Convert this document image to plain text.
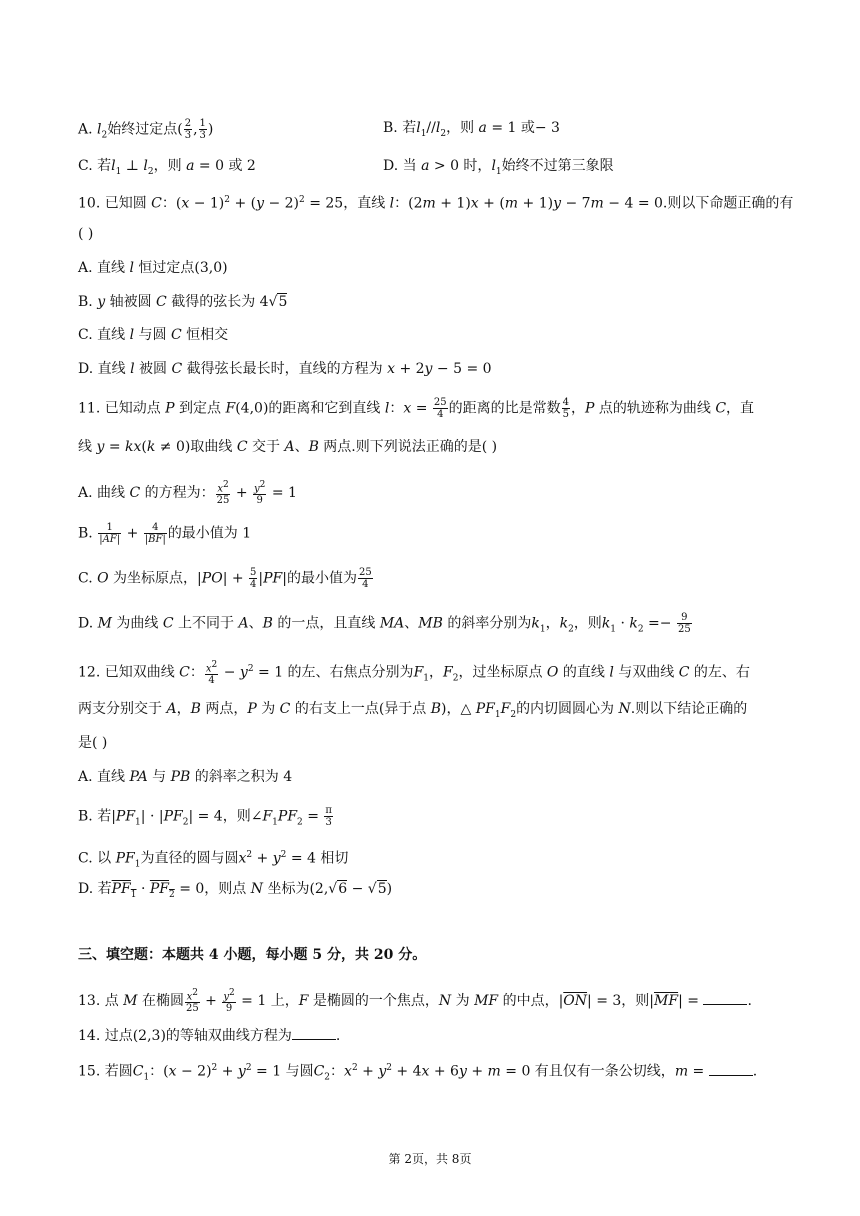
A. $l_2$始终过定点( $\frac{2}{3}$ , $\frac{1}{3}$ )	B. 若$l_1//l_2$，则 a = 1 或− 3
C. 若$l_1$ ⊥ $l_2$，则 a = 0 或 2	D. 当 a > 0 时，$l_1$始终不过第三象限
10. 已知圆 C：$(x - 1)^2 + (y - 2)^2 = 25$，直线 l：(2m + 1)x + (m + 1)y − 7m − 4 = 0.则以下命题正确的有
( )
A. 直线 l 恒过定点(3,0)
B. y 轴被圆 C 截得的弦长为 4√5
C. 直线 l 与圆 C 恒相交
D. 直线 l 被圆 C 截得弦长最长时，直线的方程为 x + 2y − 5 = 0
11. 已知动点 P 到定点 F(4,0)的距离和它到直线 l：$x = \frac{25}{4}$ 的距离的比是常数 $\frac{4}{5}$ ，P 点的轨迹称为曲线 C，直
线 y = kx(k ≠ 0)取曲线 C 交于 A、B 两点.则下列说法正确的是( )
A. 曲线 C 的方程为： $\frac{x^2}{25} + \frac{y^2}{9} = 1$
B. $\frac{1}{|AF|} + \frac{4}{|BF|}$ 的最小值为 1
C. O 为坐标原点，$|PO| + \frac{5}{4} |PF|$的最小值为 $\frac{25}{4}$
D. M 为曲线 C 上不同于 A、B 的一点，且直线 MA、MB 的斜率分别为$k_1$，$k_2$，则$k_1 \cdot k_2 =- \frac{9}{25}$
12. 已知双曲线 C： $\frac{x^2}{4} - y^2 = 1$ 的左、右焦点分别为$F_1$，$F_2$，过坐标原点 O 的直线 l 与双曲线 C 的左、右
两支分别交于 A，B 两点，P 为 C 的右支上一点(异于点 B)，△ $PF_1F_2$的内切圆圆心为 N.则以下结论正确的
是( )
A. 直线 PA 与 PB 的斜率之积为 4
B. 若$|PF_1| \cdot |PF_2| = 4$，则$\angle F_1PF_2 = \frac{\pi}{3}$
C. 以 $PF_1$为直径的圆与圆$x^2 + y^2 = 4$ 相切
D. 若$PF_1 \cdot PF_2 = 0$，则点 N 坐标为(2,√6 − √5)
三、填空题：本题共 4 小题，每小题 5 分，共 20 分。
13. 点 M 在椭圆 $\frac{x^2}{25} + \frac{y^2}{9} = 1$ 上，F 是椭圆的一个焦点，N 为 MF 的中点，$|\overline{ON}| = 3$，则$|\overline{MF}|$ =	.
14. 过点(2,3)的等轴双曲线方程为	.
15. 若圆$C_1$：$(x - 2)^2 + y^2 = 1$ 与圆$C_2$：$x^2 + y^2 + 4x + 6y + m = 0$ 有且仅有一条公切线，m =	.
第 2页，共 8页
